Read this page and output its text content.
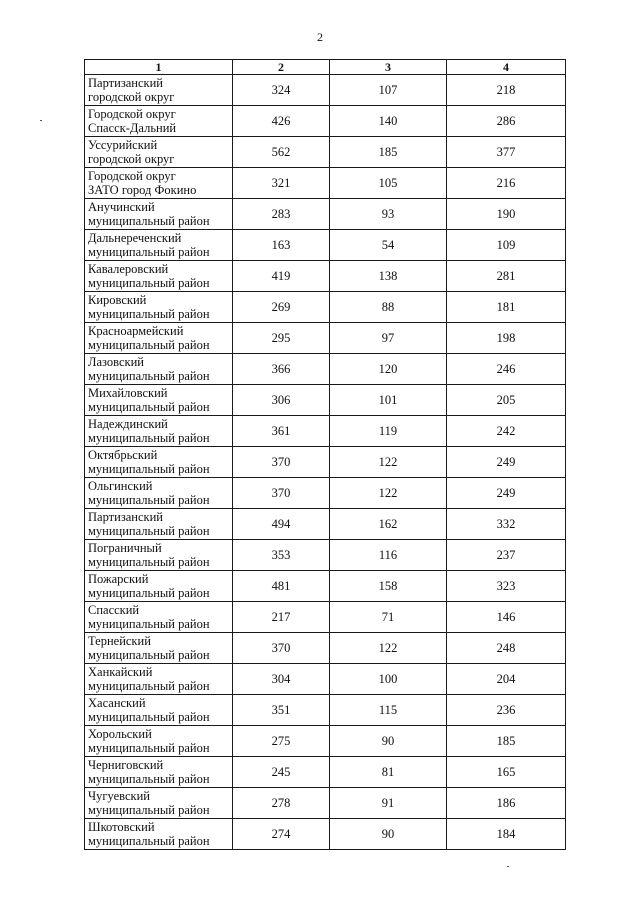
2
1	2	3	4

Партизанский
городской округ	324	107	218

Городской округ
Спасск-Дальний	426	140	286

Уссурийский
городской округ	562	185	377

Городской округ
ЗАТО город Фокино	321	105	216

Анучинский
муниципальный район	283	93	190

Дальнереченский
муниципальный район	163	54	109

Кавалеровский
муниципальный район	419	138	281

Кировский
муниципальный район	269	88	181

Красноармейский
муниципальный район	295	97	198

Лазовский
муниципальный район	366	120	246

Михайловский
муниципальный район	306	101	205

Надеждинский
муниципальный район	361	119	242

Октябрьский
муниципальный район	370	122	249

Ольгинский
муниципальный район	370	122	249

Партизанский
муниципальный район	494	162	332

Пограничный
муниципальный район	353	116	237

Пожарский
муниципальный район	481	158	323

Спасский
муниципальный район	217	71	146

Тернейский
муниципальный район	370	122	248

Ханкайский
муниципальный район	304	100	204

Хасанский
муниципальный район	351	115	236

Хорольский
муниципальный район	275	90	185

Черниговский
муниципальный район	245	81	165

Чугуевский
муниципальный район	278	91	186

Шкотовский
муниципальный район	274	90	184
